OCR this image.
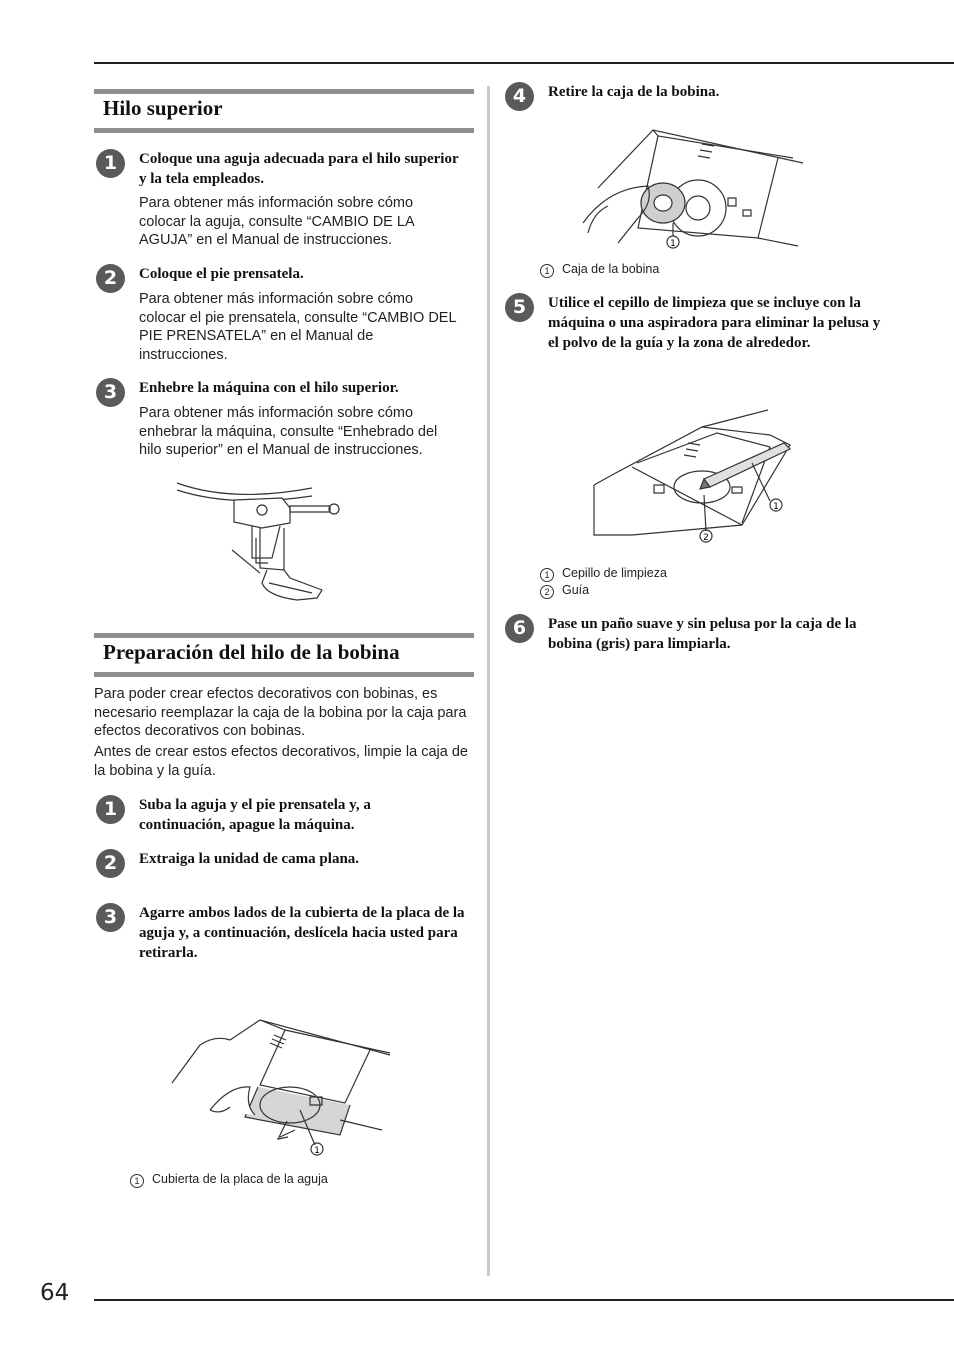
64
Hilo superior
1	Coloque una aguja adecuada para el hilo superior y la tela empleados.
Para obtener más información sobre cómo colocar la aguja, consulte “CAMBIO DE LA AGUJA” en el Manual de instrucciones.
2	Coloque el pie prensatela.
Para obtener más información sobre cómo colocar el pie prensatela, consulte “CAMBIO DEL PIE PRENSATELA” en el Manual de instrucciones.
3	Enhebre la máquina con el hilo superior.
Para obtener más información sobre cómo enhebrar la máquina, consulte “Enhebrado del hilo superior” en el Manual de instrucciones.
Preparación del hilo de la bobina
Para poder crear efectos decorativos con bobinas, es necesario reemplazar la caja de la bobina por la caja para efectos decorativos con bobinas.
Antes de crear estos efectos decorativos, limpie la caja de la bobina y la guía.
1	Suba la aguja y el pie prensatela y, a continuación, apague la máquina.
2	Extraiga la unidad de cama plana.
3	Agarre ambos lados de la cubierta de la placa de la aguja y, a continuación, deslícela hacia usted para retirarla.
1
1 Cubierta de la placa de la aguja
4	Retire la caja de la bobina.
1
1 Caja de la bobina
5	Utilice el cepillo de limpieza que se incluye con la máquina o una aspiradora para eliminar la pelusa y el polvo de la guía y la zona de alrededor.
1
2
1 Cepillo de limpieza
2 Guía
6	Pase un paño suave y sin pelusa por la caja de la bobina (gris) para limpiarla.
